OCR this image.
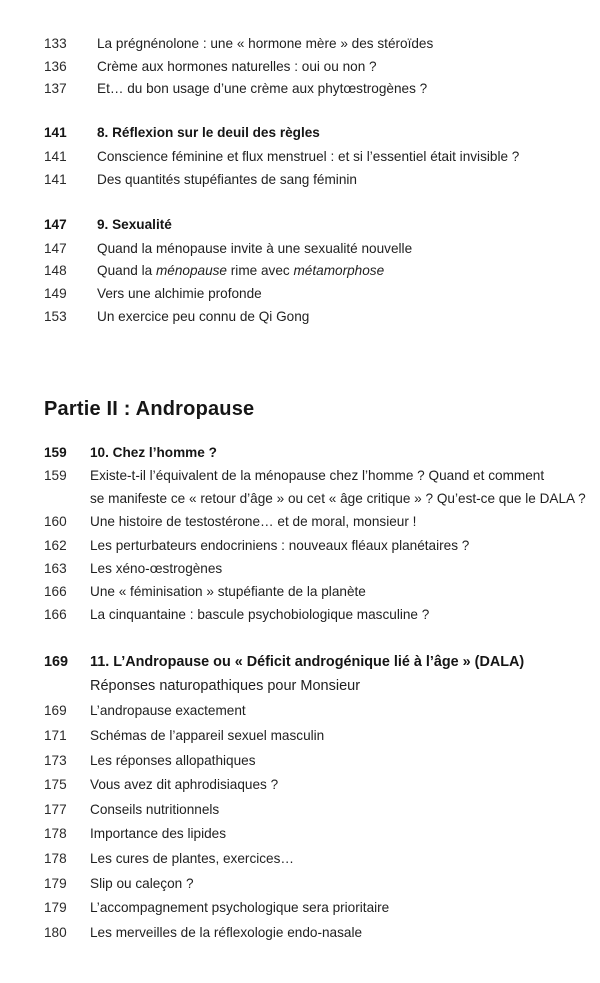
133	La prégnénolone : une « hormone mère » des stéroïdes
136	Crème aux hormones naturelles : oui ou non ?
137	Et… du bon usage d’une crème aux phytœstrogènes ?
141	8. Réflexion sur le deuil des règles
141	Conscience féminine et flux menstruel : et si l’essentiel était invisible ?
141	Des quantités stupéfiantes de sang féminin
147	9. Sexualité
147	Quand la ménopause invite à une sexualité nouvelle
148	Quand la ménopause rime avec métamorphose
149	Vers une alchimie profonde
153	Un exercice peu connu de Qi Gong
Partie II : Andropause
159	10. Chez l’homme ?
159	Existe-t-il l’équivalent de la ménopause chez l’homme ? Quand et comment
se manifeste ce « retour d’âge » ou cet « âge critique » ? Qu’est-ce que le DALA ?
160	Une histoire de testostérone… et de moral, monsieur !
162	Les perturbateurs endocriniens : nouveaux fléaux planétaires ?
163	Les xéno-œstrogènes
166	Une « féminisation » stupéfiante de la planète
166	La cinquantaine : bascule psychobiologique masculine ?
169	11. L’Andropause ou « Déficit androgénique lié à l’âge » (DALA)
Réponses naturopathiques pour Monsieur
169	L’andropause exactement
171	Schémas de l’appareil sexuel masculin
173	Les réponses allopathiques
175	Vous avez dit aphrodisiaques ?
177	Conseils nutritionnels
178	Importance des lipides
178	Les cures de plantes, exercices…
179	Slip ou caleçon ?
179	L’accompagnement psychologique sera prioritaire
180	Les merveilles de la réflexologie endo-nasale
